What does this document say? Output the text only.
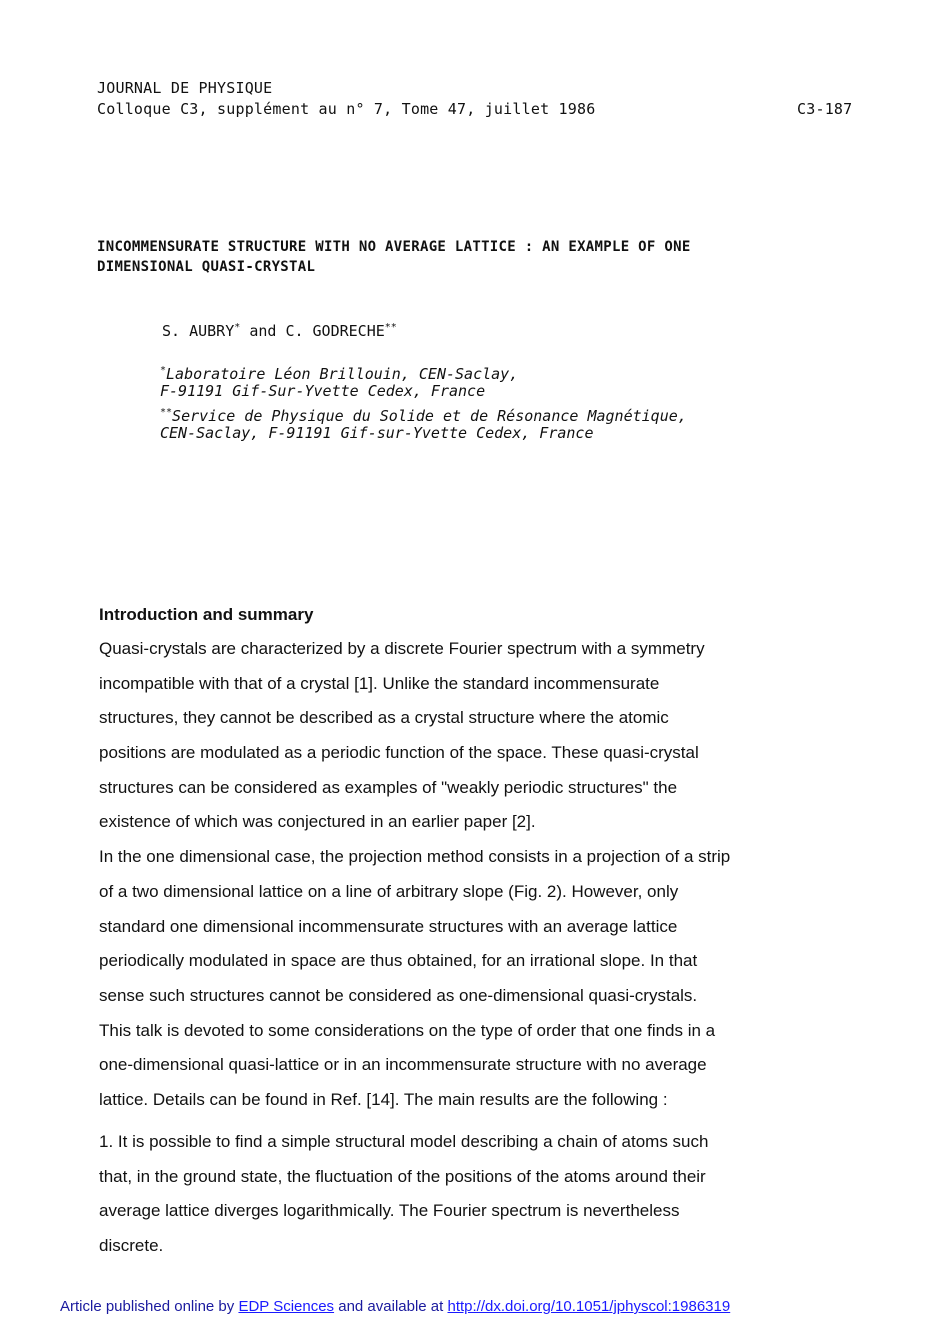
JOURNAL DE PHYSIQUE
Colloque C3, supplément au n° 7, Tome 47, juillet 1986	C3-187
INCOMMENSURATE STRUCTURE WITH NO AVERAGE LATTICE : AN EXAMPLE OF ONE
DIMENSIONAL QUASI-CRYSTAL
S. AUBRY* and C. GODRECHE**
*Laboratoire Léon Brillouin, CEN-Saclay,
F-91191 Gif-Sur-Yvette Cedex, France
**Service de Physique du Solide et de Résonance Magnétique,
CEN-Saclay, F-91191 Gif-sur-Yvette Cedex, France
Introduction and summary
Quasi-crystals are characterized by a discrete Fourier spectrum with a symmetry
incompatible with that of a crystal [1]. Unlike the standard incommensurate
structures, they cannot be described as a crystal structure where the atomic
positions are modulated as a periodic function of the space. These quasi-crystal
structures can be considered as examples of "weakly periodic structures" the
existence of which was conjectured in an earlier paper [2].
In the one dimensional case, the projection method consists in a projection of a strip
of a two dimensional lattice on a line of arbitrary slope (Fig. 2). However, only
standard one dimensional incommensurate structures with an average lattice
periodically modulated in space are thus obtained, for an irrational slope. In that
sense such structures cannot be considered as one-dimensional quasi-crystals.
This talk is devoted to some considerations on the type of order that one finds in a
one-dimensional quasi-lattice or in an incommensurate structure with no average
lattice. Details can be found in Ref. [14]. The main results are the following :
1. It is possible to find a simple structural model describing a chain of atoms such
that, in the ground state, the fluctuation of the positions of the atoms around their
average lattice diverges logarithmically. The Fourier spectrum is nevertheless
discrete.
Article published online by EDP Sciences and available at http://dx.doi.org/10.1051/jphyscol:1986319
